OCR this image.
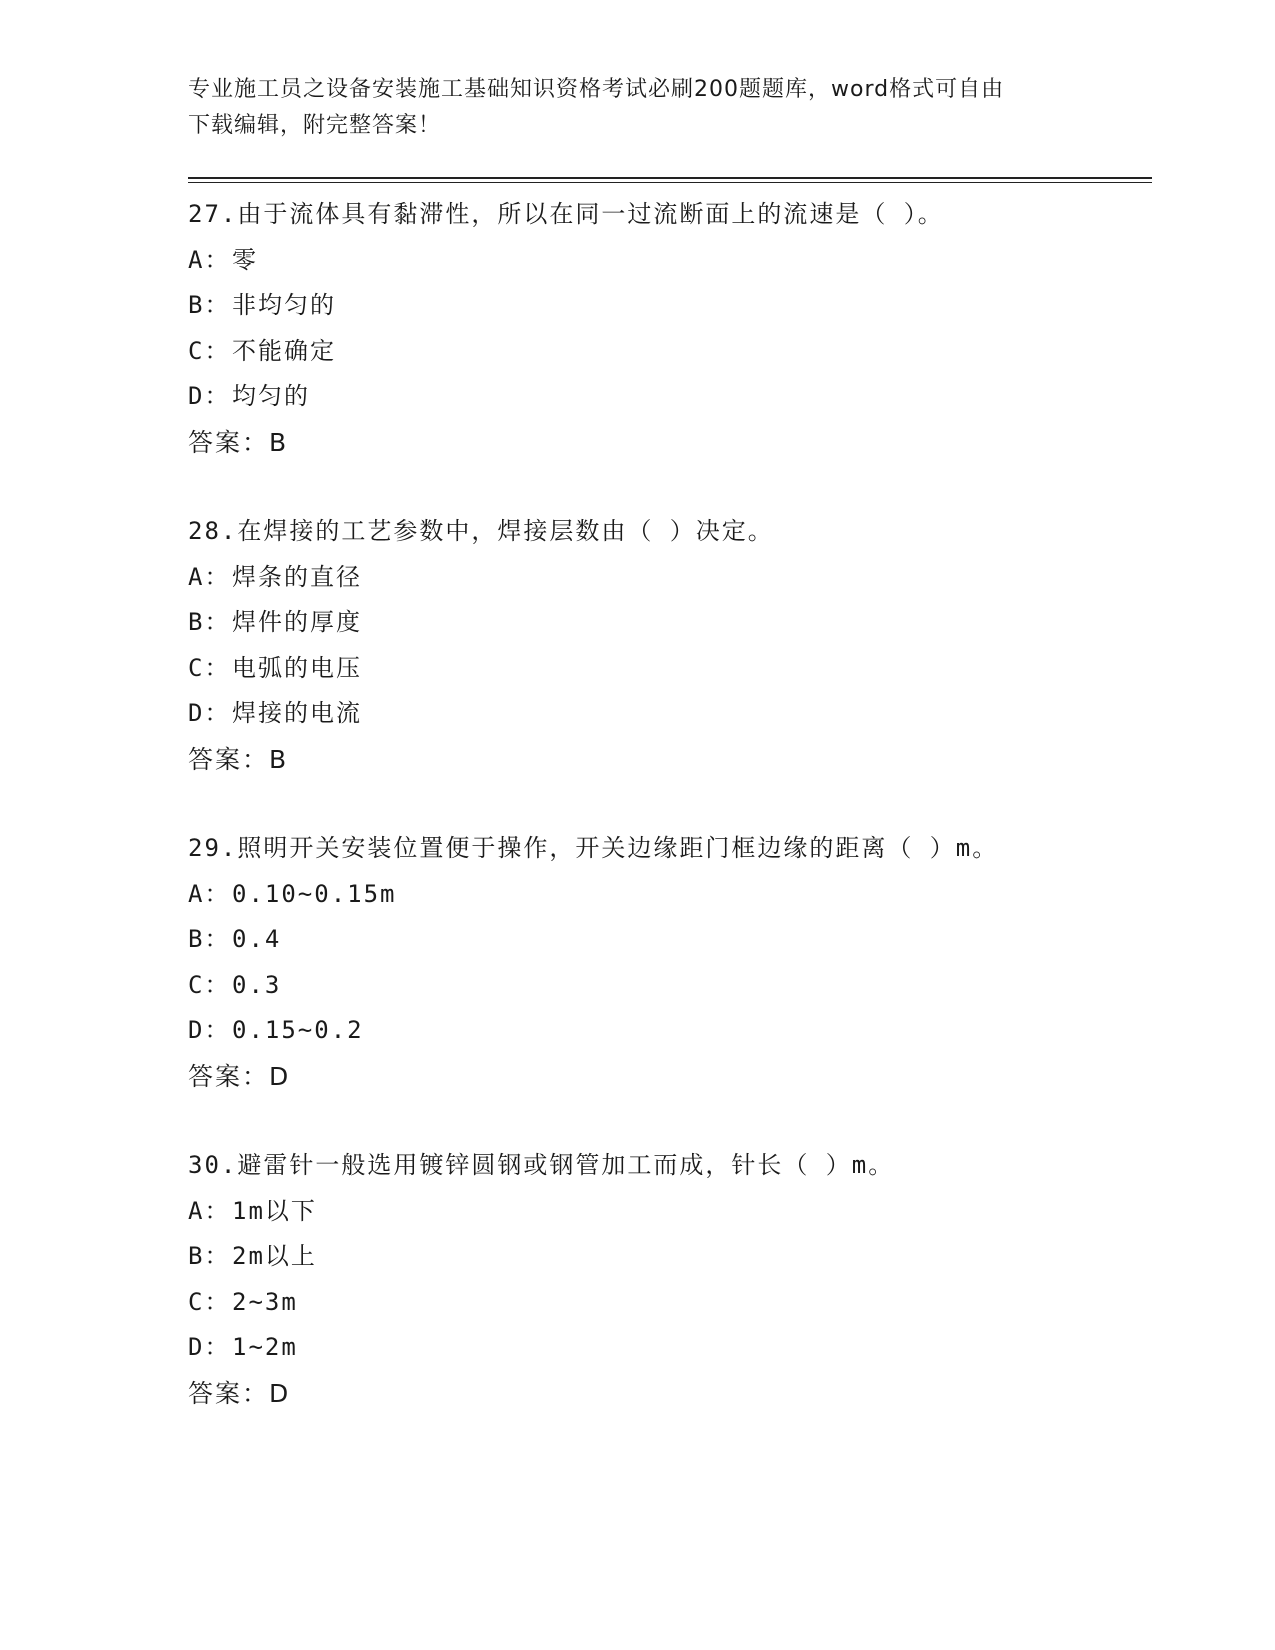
专业施工员之设备安装施工基础知识资格考试必刷200题题库，word格式可自由
下载编辑，附完整答案！
27.由于流体具有黏滞性，所以在同一过流断面上的流速是（ ）。
A：零
B：非均匀的
C：不能确定
D：均匀的
答案：B
28.在焊接的工艺参数中，焊接层数由（ ）决定。
A：焊条的直径
B：焊件的厚度
C：电弧的电压
D：焊接的电流
答案：B
29.照明开关安装位置便于操作，开关边缘距门框边缘的距离（ ）m。
A：0.10~0.15m
B：0.4
C：0.3
D：0.15~0.2
答案：D
30.避雷针一般选用镀锌圆钢或钢管加工而成，针长（ ）m。
A：1m以下
B：2m以上
C：2~3m
D：1~2m
答案：D
